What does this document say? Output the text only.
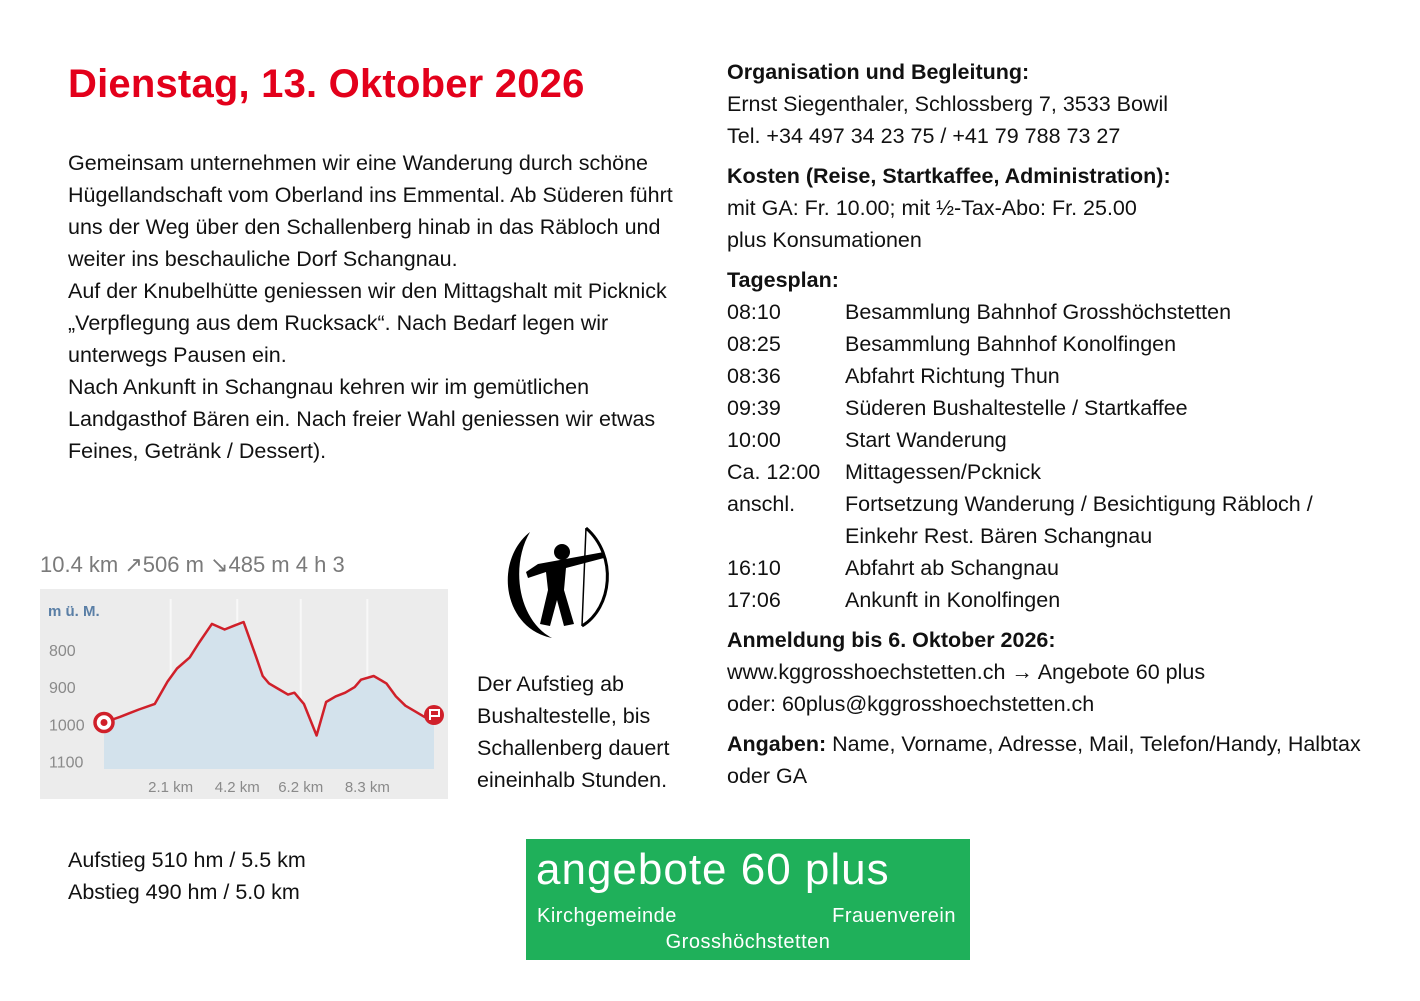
Dienstag, 13. Oktober 2026

Gemeinsam unternehmen wir eine Wanderung durch schöne Hügellandschaft vom Oberland ins Emmental. Ab Süderen führt uns der Weg über den Schallenberg hinab in das Räbloch und weiter ins beschauliche Dorf Schangnau.

Auf der Knubelhütte geniessen wir den Mittagshalt mit Picknick „Verpflegung aus dem Rucksack“. Nach Bedarf legen wir unterwegs Pausen ein.

Nach Ankunft in Schangnau kehren wir im gemütlichen Landgasthof Bären ein. Nach freier Wahl geniessen wir etwas Feines, Getränk / Dessert).

10.4 km ↗506 m ↘485 m 4 h 3
m ü. M.
1100
1000
900
800
2.1 km 4.2 km 6.2 km 8.3 km
Der Aufstieg ab Bushaltestelle, bis Schallenberg dauert eineinhalb Stunden.
Aufstieg 510 hm / 5.5 km
Abstieg 490 hm / 5.0 km

Organisation und Begleitung:

Ernst Siegenthaler, Schlossberg 7, 3533 Bowil

Tel. +34 497 34 23 75 / +41 79 788 73 27

Kosten (Reise, Startkaffee, Administration):

mit GA: Fr. 10.00; mit ½-Tax-Abo: Fr. 25.00

plus Konsumationen

Tagesplan:

08:10	Besammlung Bahnhof Grosshöchstetten
08:25	Besammlung Bahnhof Konolfingen
08:36	Abfahrt Richtung Thun
09:39	Süderen Bushaltestelle / Startkaffee
10:00	Start Wanderung
Ca. 12:00	Mittagessen/Pcknick
anschl.	Fortsetzung Wanderung / Besichtigung Räbloch / Einkehr Rest. Bären Schangnau
16:10	Abfahrt ab Schangnau
17:06	Ankunft in Konolfingen

Anmeldung bis 6. Oktober 2026:

www.kggrosshoechstetten.ch → Angebote 60 plus

oder: 60plus@kggrosshoechstetten.ch

Angaben: Name, Vorname, Adresse, Mail, Telefon/Handy, Halbtax oder GA

angebote 60 plus
Kirchgemeinde	Frauenverein
Grosshöchstetten
